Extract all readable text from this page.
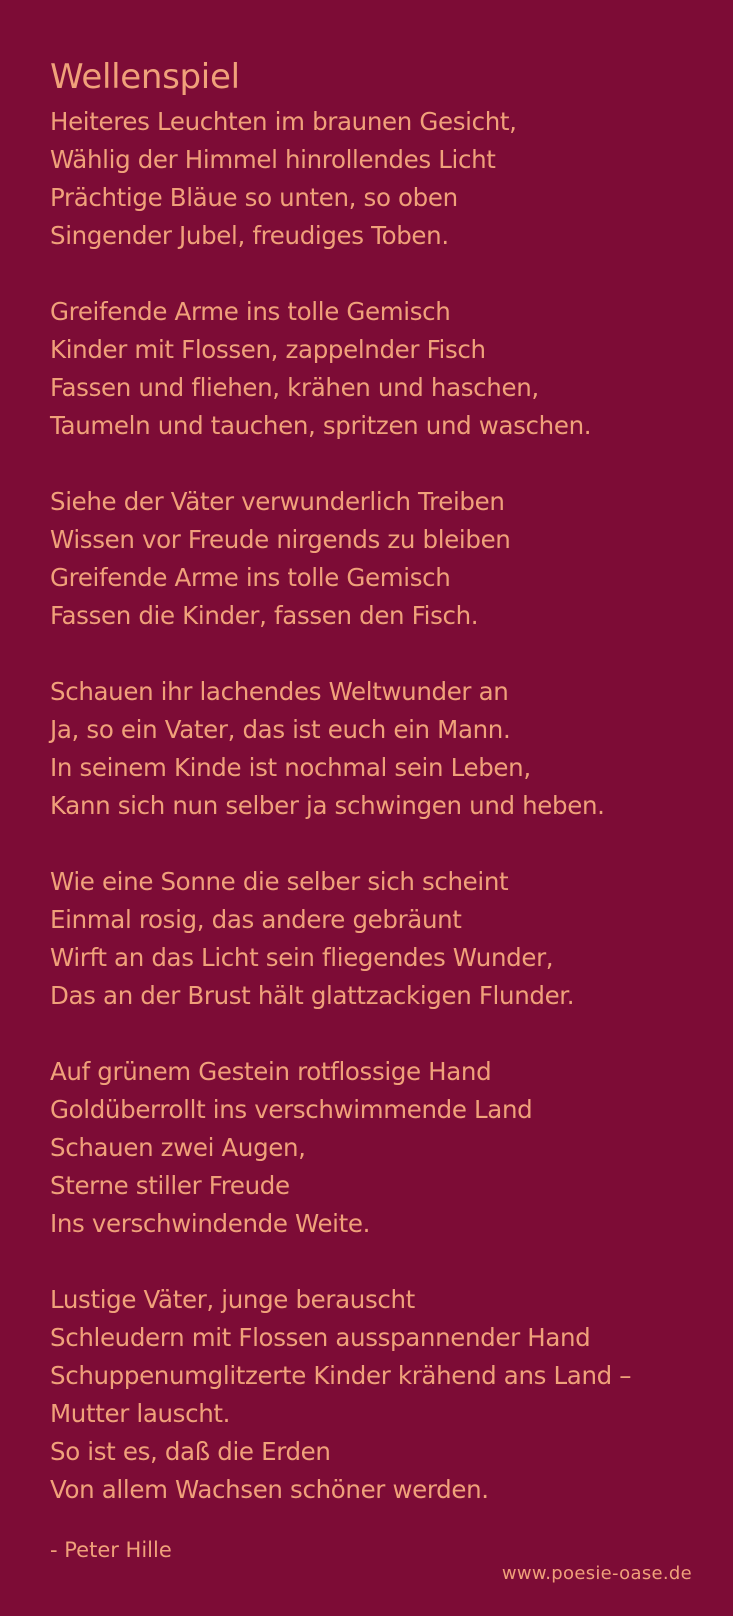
Wellenspiel
Heiteres Leuchten im braunen Gesicht,
Wählig der Himmel hinrollendes Licht
Prächtige Bläue so unten, so oben
Singender Jubel, freudiges Toben.
Greifende Arme ins tolle Gemisch
Kinder mit Flossen, zappelnder Fisch
Fassen und fliehen, krähen und haschen,
Taumeln und tauchen, spritzen und waschen.
Siehe der Väter verwunderlich Treiben
Wissen vor Freude nirgends zu bleiben
Greifende Arme ins tolle Gemisch
Fassen die Kinder, fassen den Fisch.
Schauen ihr lachendes Weltwunder an
Ja, so ein Vater, das ist euch ein Mann.
In seinem Kinde ist nochmal sein Leben,
Kann sich nun selber ja schwingen und heben.
Wie eine Sonne die selber sich scheint
Einmal rosig, das andere gebräunt
Wirft an das Licht sein fliegendes Wunder,
Das an der Brust hält glattzackigen Flunder.
Auf grünem Gestein rotflossige Hand
Goldüberrollt ins verschwimmende Land
Schauen zwei Augen,
Sterne stiller Freude
Ins verschwindende Weite.
Lustige Väter, junge berauscht
Schleudern mit Flossen ausspannender Hand
Schuppenumglitzerte Kinder krähend ans Land –
Mutter lauscht.
So ist es, daß die Erden
Von allem Wachsen schöner werden.
- Peter Hille
www.poesie-oase.de
